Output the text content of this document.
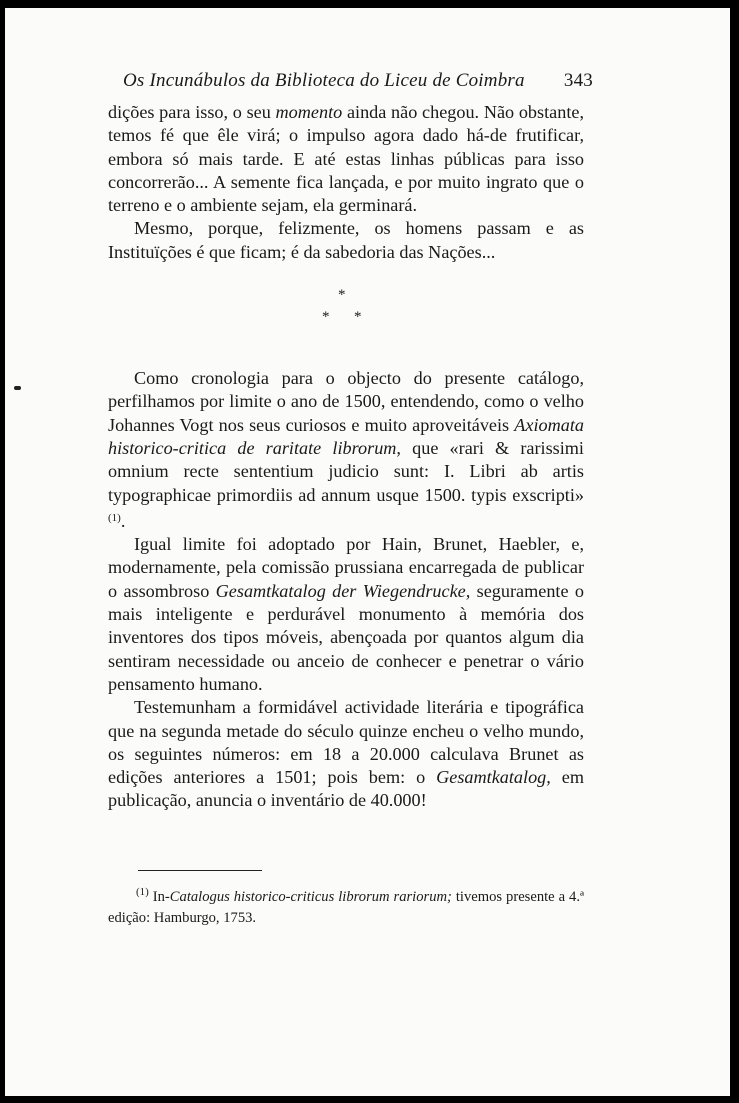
Os Incunábulos da Biblioteca do Liceu de Coimbra 343

dições para isso, o seu momento ainda não chegou. Não obstante, temos fé que êle virá; o impulso agora dado há-de frutificar, embora só mais tarde. E até estas linhas públicas para isso concorrerão... A semente fica lançada, e por muito ingrato que o terreno e o ambiente sejam, ela germinará.

Mesmo, porque, felizmente, os homens passam e as Instituïções é que ficam; é da sabedoria das Nações...

*
* *

Como cronologia para o objecto do presente catálogo, perfilhamos por limite o ano de 1500, entendendo, como o velho Johannes Vogt nos seus curiosos e muito aproveitáveis Axiomata historico-critica de raritate librorum, que «rari & rarissimi omnium recte sententium judicio sunt: I. Libri ab artis typographicae primordiis ad annum usque 1500. typis exscripti» $^{(1)}$.

Igual limite foi adoptado por Hain, Brunet, Haebler, e, modernamente, pela comissão prussiana encarregada de publicar o assombroso Gesamtkatalog der Wiegendrucke, seguramente o mais inteligente e perdurável monumento à memória dos inventores dos tipos móveis, abençoada por quantos algum dia sentiram necessidade ou anceio de conhecer e penetrar o vário pensamento humano.

Testemunham a formidável actividade literária e tipográfica que na segunda metade do século quinze encheu o velho mundo, os seguintes números: em 18 a 20.000 calculava Brunet as edições anteriores a 1501; pois bem: o Gesamtkatalog, em publicação, anuncia o inventário de 40.000!

$^{(1)}$ In-Catalogus historico-criticus librorum rariorum; tivemos presente a 4.ª edição: Hamburgo, 1753.
